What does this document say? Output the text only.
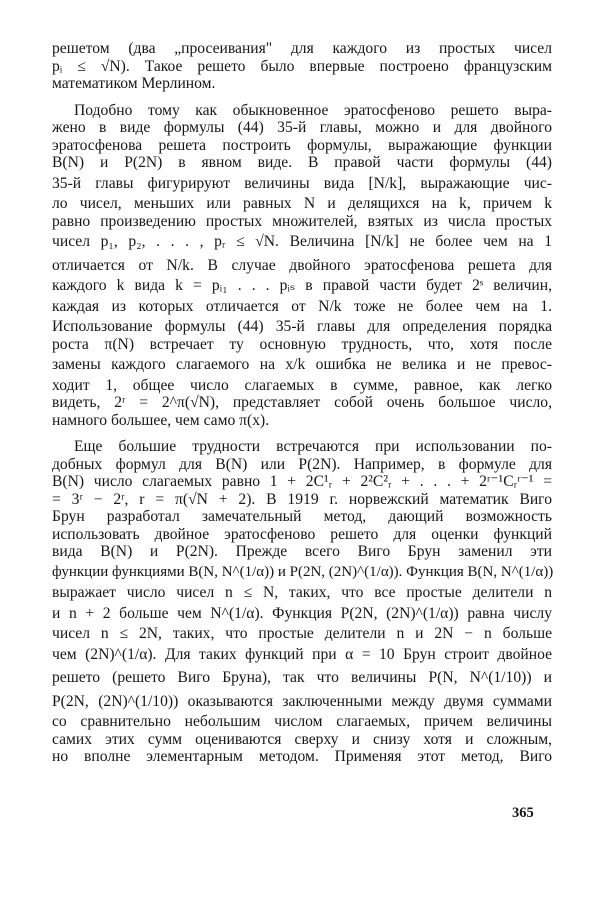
решетом (два „просеивания" для каждого из простых чисел
pᵢ ≤ √N). Такое решето было впервые построено французским
математиком Мерлином.
Подобно тому как обыкновенное эратосфеново решето выра-
жено в виде формулы (44) 35-й главы, можно и для двойного
эратосфенова решета построить формулы, выражающие функции
B(N) и P(2N) в явном виде. В правой части формулы (44)
35-й главы фигурируют величины вида [N/k], выражающие чис-
ло чисел, меньших или равных N и делящихся на k, причем k
равно произведению простых множителей, взятых из числа простых
чисел p₁, p₂, . . . , pᵣ ≤ √N. Величина [N/k] не более чем на 1
отличается от N/k. В случае двойного эратосфенова решета для
каждого k вида k = pᵢ₁ . . . pᵢₛ в правой части будет 2ˢ величин,
каждая из которых отличается от N/k тоже не более чем на 1.
Использование формулы (44) 35-й главы для определения порядка
роста π(N) встречает ту основную трудность, что, хотя после
замены каждого слагаемого на x/k ошибка не велика и не превос-
ходит 1, общее число слагаемых в сумме, равное, как легко
видеть, 2ʳ = 2^π(√N), представляет собой очень большое число,
намного большее, чем само π(x).
Еще большие трудности встречаются при использовании по-
добных формул для B(N) или P(2N). Например, в формуле для
B(N) число слагаемых равно 1 + 2C¹ᵣ + 2²C²ᵣ + . . . + 2ʳ⁻¹Cᵣʳ⁻¹ =
= 3ʳ − 2ʳ, r = π(√N + 2). В 1919 г. норвежский математик Виго
Брун разработал замечательный метод, дающий возможность
использовать двойное эратосфеново решето для оценки функций
вида B(N) и P(2N). Прежде всего Виго Брун заменил эти
функции функциями B(N, N^(1/α)) и P(2N, (2N)^(1/α)). Функция B(N, N^(1/α))
выражает число чисел n ≤ N, таких, что все простые делители n
и n + 2 больше чем N^(1/α). Функция P(2N, (2N)^(1/α)) равна числу
чисел n ≤ 2N, таких, что простые делители n и 2N − n больше
чем (2N)^(1/α). Для таких функций при α = 10 Брун строит двойное
решето (решето Виго Бруна), так что величины P(N, N^(1/10)) и
P(2N, (2N)^(1/10)) оказываются заключенными между двумя суммами
со сравнительно небольшим числом слагаемых, причем величины
самих этих сумм оцениваются сверху и снизу хотя и сложным,
но вполне элементарным методом. Применяя этот метод, Виго
365
